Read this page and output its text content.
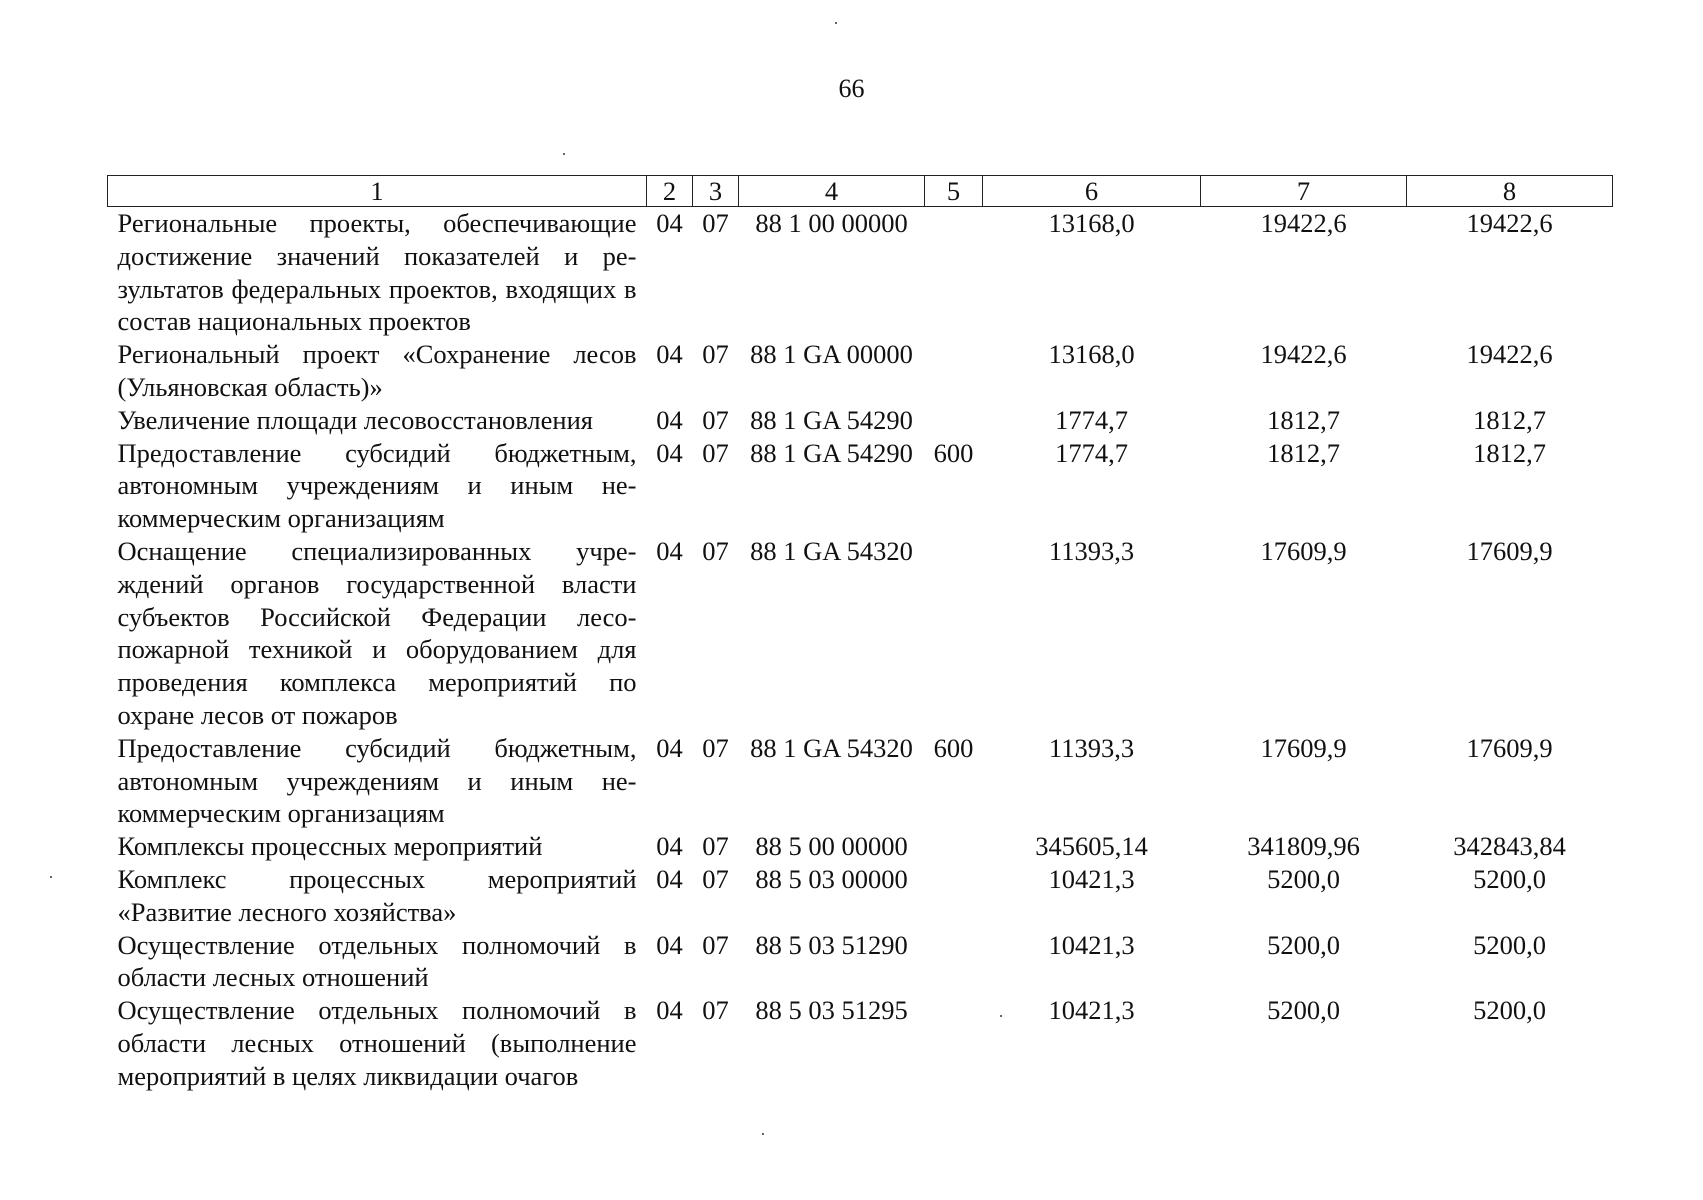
66
1	2	3	4	5	6	7	8
Региональные проекты, обеспечивающие достижение значений показателей и результатов федеральных проектов, входящих в состав национальных проектов	04	07	88 1 00 00000		13168,0	19422,6	19422,6
Региональный проект «Сохранение лесов (Ульяновская область)»	04	07	88 1 GA 00000		13168,0	19422,6	19422,6
Увеличение площади лесовосстановления	04	07	88 1 GA 54290		1774,7	1812,7	1812,7
Предоставление субсидий бюджетным, автономным учреждениям и иным некоммерческим организациям	04	07	88 1 GA 54290	600	1774,7	1812,7	1812,7
Оснащение специализированных учреждений органов государственной власти субъектов Российской Федерации лесопожарной техникой и оборудованием для проведения комплекса мероприятий по охране лесов от пожаров	04	07	88 1 GA 54320		11393,3	17609,9	17609,9
Предоставление субсидий бюджетным, автономным учреждениям и иным некоммерческим организациям	04	07	88 1 GA 54320	600	11393,3	17609,9	17609,9
Комплексы процессных мероприятий	04	07	88 5 00 00000		345605,14	341809,96	342843,84
Комплекс процессных мероприятий «Развитие лесного хозяйства»	04	07	88 5 03 00000		10421,3	5200,0	5200,0
Осуществление отдельных полномочий в области лесных отношений	04	07	88 5 03 51290		10421,3	5200,0	5200,0
Осуществление отдельных полномочий в области лесных отношений (выполнение мероприятий в целях ликвидации очагов	04	07	88 5 03 51295		10421,3	5200,0	5200,0
